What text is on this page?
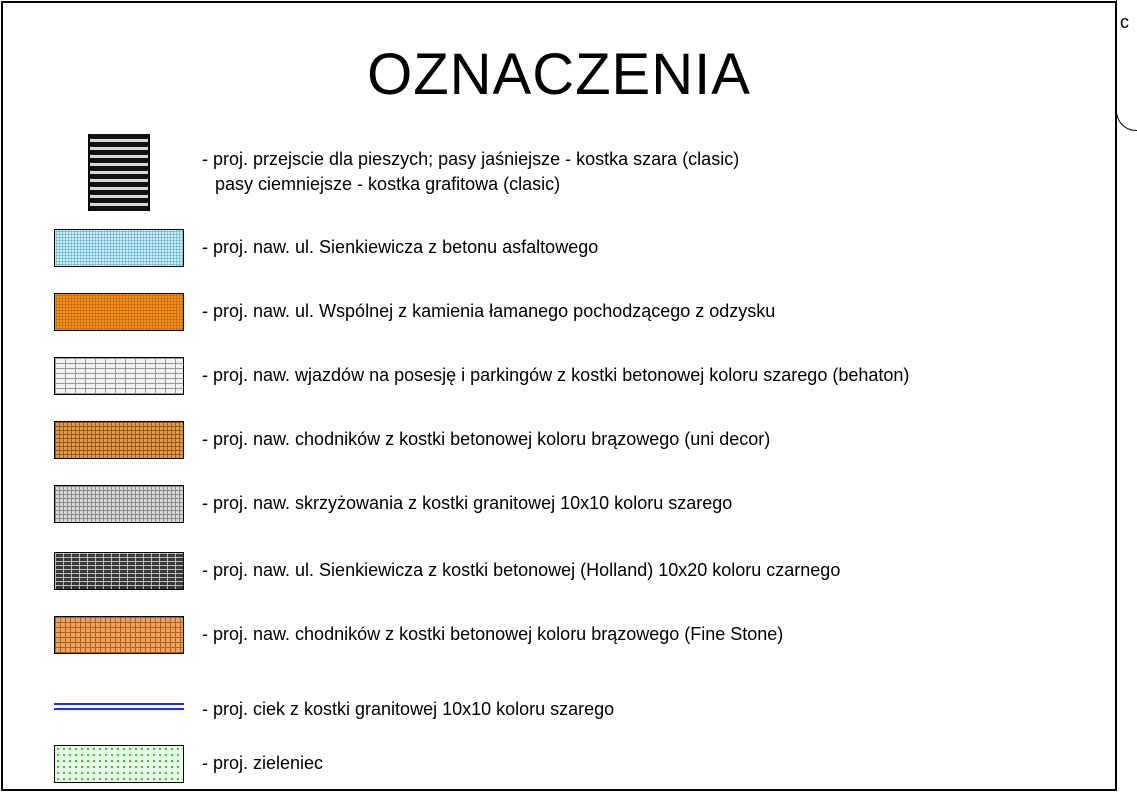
c
OZNACZENIA
- proj. przejscie dla pieszych; pasy jaśniejsze - kostka szara (clasic)
pasy ciemniejsze - kostka grafitowa (clasic)
- proj. naw. ul. Sienkiewicza z betonu asfaltowego
- proj. naw. ul. Wspólnej z kamienia łamanego pochodzącego z odzysku
- proj. naw. wjazdów na posesję i parkingów z kostki betonowej koloru szarego (behaton)
- proj. naw. chodników z kostki betonowej koloru brązowego (uni decor)
- proj. naw. skrzyżowania z kostki granitowej 10x10 koloru szarego
- proj. naw. ul. Sienkiewicza z kostki betonowej (Holland) 10x20 koloru czarnego
- proj. naw. chodników z kostki betonowej koloru brązowego (Fine Stone)
- proj. ciek z kostki granitowej 10x10 koloru szarego
- proj. zieleniec
